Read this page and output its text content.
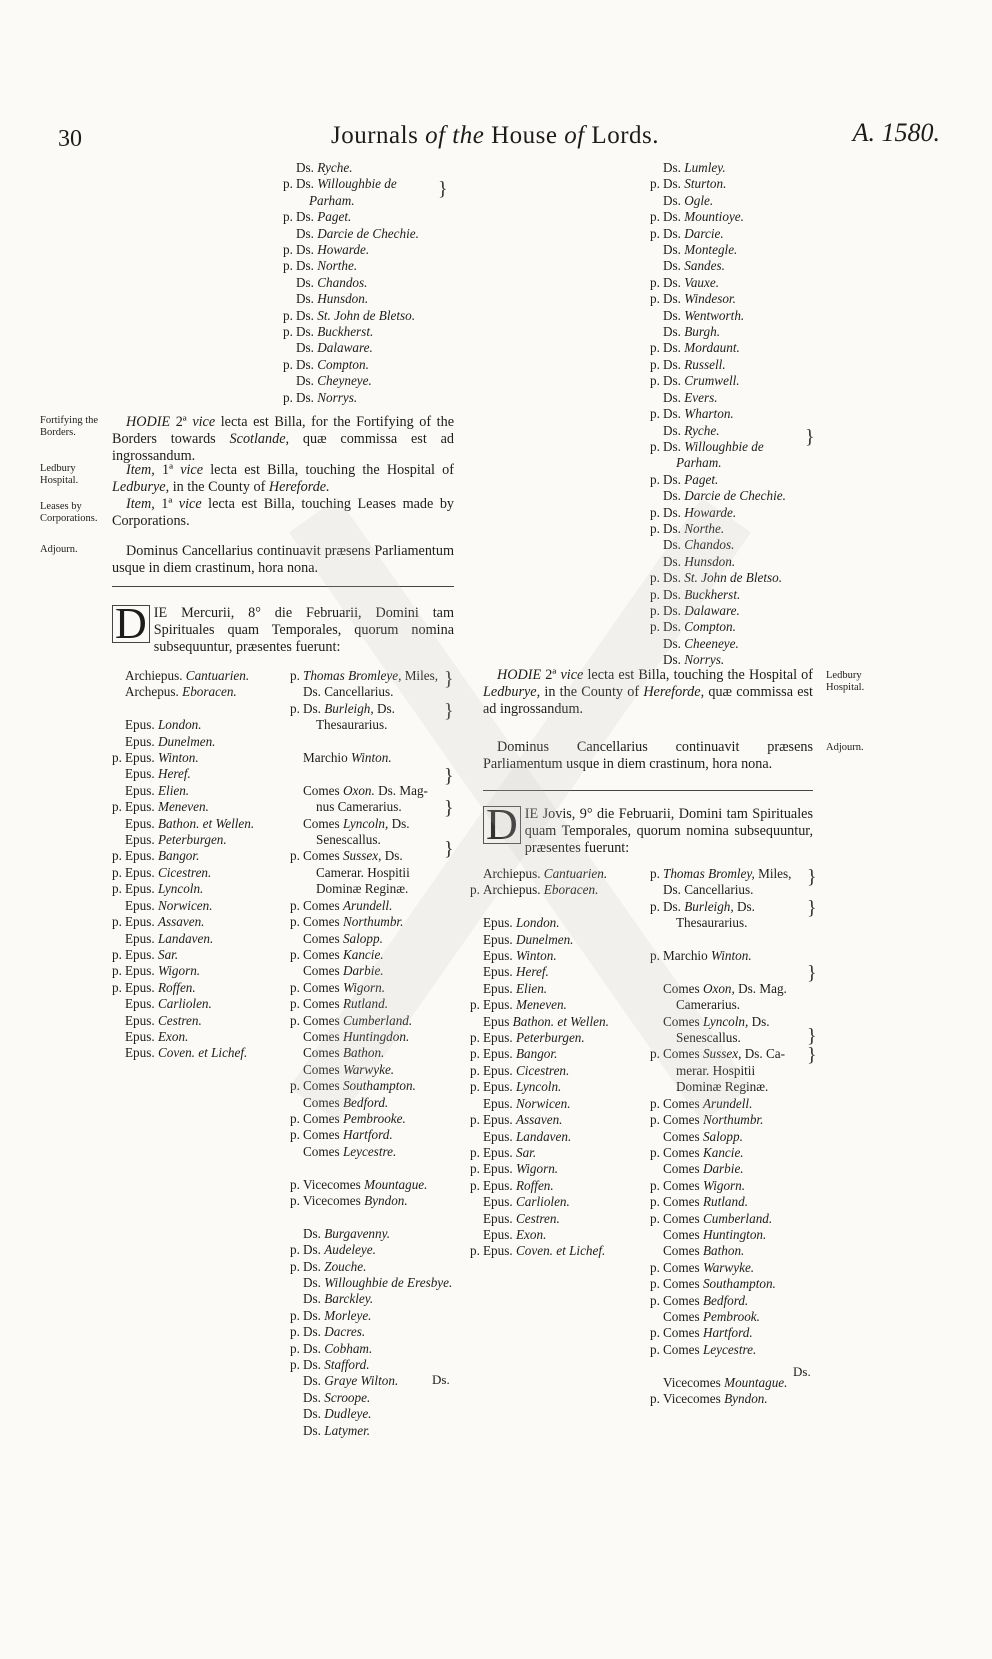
30	Journals of the House of Lords.	A. 1580.
Ds. Ryche.
p. Ds. Willoughbie de
Parham.
p. Ds. Paget.
Ds. Darcie de Chechie.
p. Ds. Howarde.
p. Ds. Northe.
Ds. Chandos.
Ds. Hunsdon.
p. Ds. St. John de Bletso.
p. Ds. Buckherst.
Ds. Dalaware.
p. Ds. Compton.
Ds. Cheyneye.
p. Ds. Norrys.
Ds. Lumley.
p. Ds. Sturton.
Ds. Ogle.
p. Ds. Mountioye.
p. Ds. Darcie.
Ds. Montegle.
Ds. Sandes.
p. Ds. Vauxe.
p. Ds. Windesor.
Ds. Wentworth.
Ds. Burgh.
p. Ds. Mordaunt.
p. Ds. Russell.
p. Ds. Crumwell.
Ds. Evers.
p. Ds. Wharton.
Ds. Ryche.
p. Ds. Willoughbie de
Parham.
p. Ds. Paget.
Ds. Darcie de Chechie.
p. Ds. Howarde.
p. Ds. Northe.
Ds. Chandos.
Ds. Hunsdon.
p. Ds. St. John de Bletso.
p. Ds. Buckherst.
p. Ds. Dalaware.
p. Ds. Compton.
Ds. Cheeneye.
Ds. Norrys.
}
}
Fortifying the Borders.
Ledbury Hospital.
Leases by Corporations.
Adjourn.

HODIE 2ª vice lecta est Billa, for the Fortifying of the Borders towards Scotlande, quæ commissa est ad ingrossandum.

Item, 1ª vice lecta est Billa, touching the Hospital of Ledburye, in the County of Hereforde.

Item, 1ª vice lecta est Billa, touching Leases made by Corporations.

Dominus Cancellarius continuavit præsens Parliamentum usque in diem crastinum, hora nona.

D IE Mercurii, 8° die Februarii, Domini tam Spirituales quam Temporales, quorum nomina subsequuntur, præsentes fuerunt:
Archiepus. Cantuarien.
Archepus. Eboracen.

Epus. London.
Epus. Dunelmen.
p. Epus. Winton.
Epus. Heref.
Epus. Elien.
p. Epus. Meneven.
Epus. Bathon. et Wellen.
Epus. Peterburgen.
p. Epus. Bangor.
p. Epus. Cicestren.
p. Epus. Lyncoln.
Epus. Norwicen.
p. Epus. Assaven.
Epus. Landaven.
p. Epus. Sar.
p. Epus. Wigorn.
p. Epus. Roffen.
Epus. Carliolen.
Epus. Cestren.
Epus. Exon.
Epus. Coven. et Lichef.
p. Thomas Bromleye, Miles,
Ds. Cancellarius.
p. Ds. Burleigh, Ds.
Thesaurarius.

Marchio Winton.

Comes Oxon. Ds. Mag-
nus Camerarius.
Comes Lyncoln, Ds.
Senescallus.
p. Comes Sussex, Ds.
Camerar. Hospitii
Dominæ Reginæ.
p. Comes Arundell.
p. Comes Northumbr.
Comes Salopp.
p. Comes Kancie.
Comes Darbie.
p. Comes Wigorn.
p. Comes Rutland.
p. Comes Cumberland.
Comes Huntingdon.
Comes Bathon.
Comes Warwyke.
p. Comes Southampton.
Comes Bedford.
p. Comes Pembrooke.
p. Comes Hartford.
Comes Leycestre.

p. Vicecomes Mountague.
p. Vicecomes Byndon.

Ds. Burgavenny.
p. Ds. Audeleye.
p. Ds. Zouche.
Ds. Willoughbie de Eresbye.
Ds. Barckley.
p. Ds. Morleye.
p. Ds. Dacres.
p. Ds. Cobham.
p. Ds. Stafford.
Ds. Graye Wilton.
Ds. Scroope.
Ds. Dudleye.
Ds. Latymer.
}
}
}
}
}
Ds.

HODIE 2ª vice lecta est Billa, touching the Hospital of Ledburye, in the County of Hereforde, quæ commissa est ad ingrossandum.

Ledbury Hospital.

Dominus Cancellarius continuavit præsens Parliamentum usque in diem crastinum, hora nona.

Adjourn.
D IE Jovis, 9° die Februarii, Domini tam Spirituales quam Temporales, quorum nomina subsequuntur, præsentes fuerunt:
Archiepus. Cantuarien.
p. Archiepus. Eboracen.

Epus. London.
Epus. Dunelmen.
Epus. Winton.
Epus. Heref.
Epus. Elien.
p. Epus. Meneven.
Epus Bathon. et Wellen.
p. Epus. Peterburgen.
p. Epus. Bangor.
p. Epus. Cicestren.
p. Epus. Lyncoln.
Epus. Norwicen.
p. Epus. Assaven.
Epus. Landaven.
p. Epus. Sar.
p. Epus. Wigorn.
p. Epus. Roffen.
Epus. Carliolen.
Epus. Cestren.
Epus. Exon.
p. Epus. Coven. et Lichef.
p. Thomas Bromley, Miles,
Ds. Cancellarius.
p. Ds. Burleigh, Ds.
Thesaurarius.

p. Marchio Winton.

Comes Oxon, Ds. Mag.
Camerarius.
Comes Lyncoln, Ds.
Senescallus.
p. Comes Sussex, Ds. Ca-
merar. Hospitii
Dominæ Reginæ.
p. Comes Arundell.
p. Comes Northumbr.
Comes Salopp.
p. Comes Kancie.
Comes Darbie.
p. Comes Wigorn.
p. Comes Rutland.
p. Comes Cumberland.
Comes Huntington.
Comes Bathon.
p. Comes Warwyke.
p. Comes Southampton.
p. Comes Bedford.
Comes Pembrook.
p. Comes Hartford.
p. Comes Leycestre.

Vicecomes Mountague.
p. Vicecomes Byndon.
}
}
}
}
}
Ds.
